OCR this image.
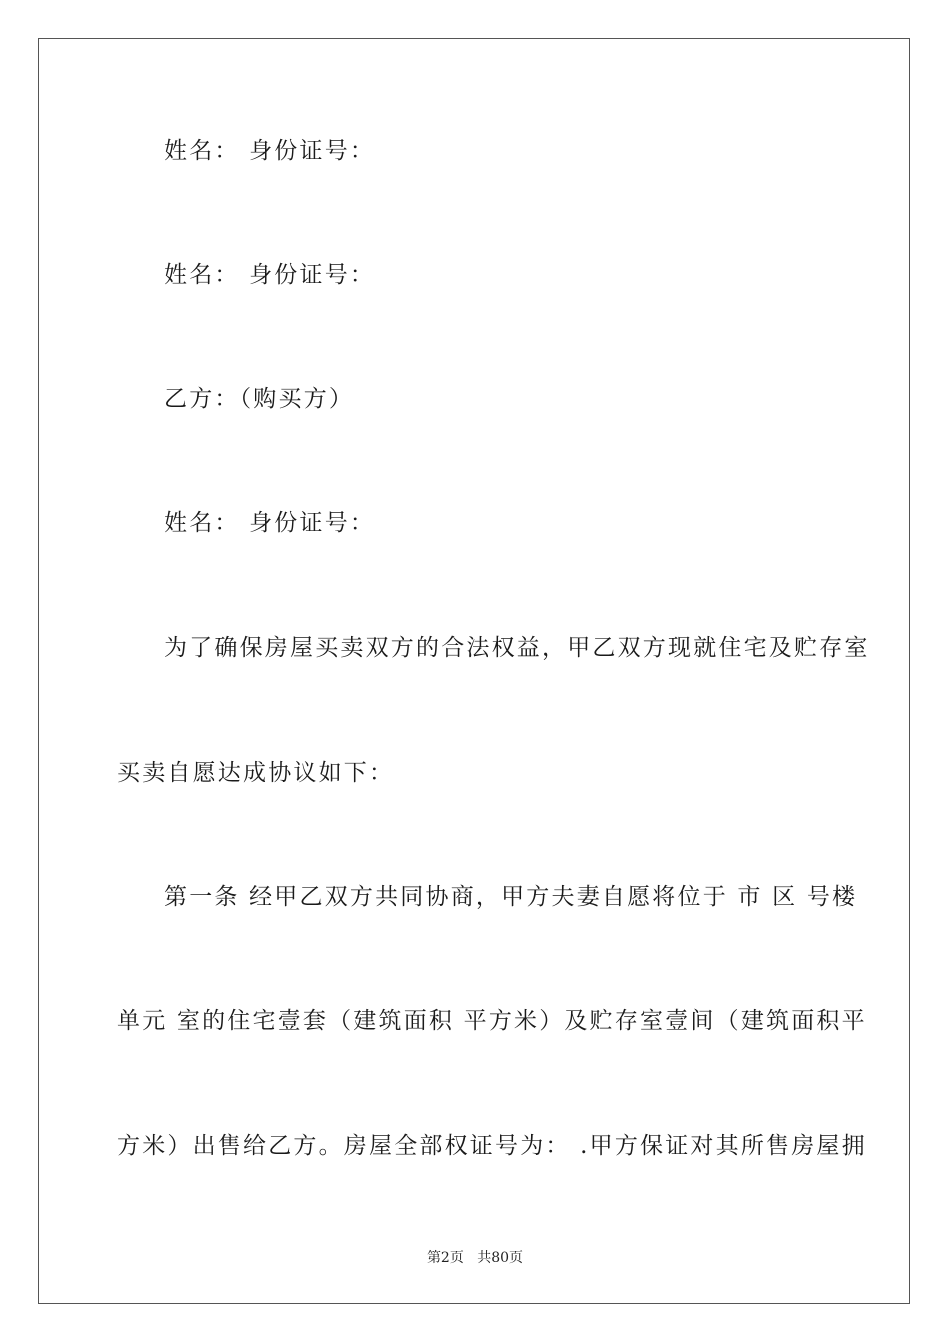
姓名： 身份证号：
姓名： 身份证号：
乙方：（购买方）
姓名： 身份证号：
为了确保房屋买卖双方的合法权益，甲乙双方现就住宅及贮存室
买卖自愿达成协议如下：
第一条 经甲乙双方共同协商，甲方夫妻自愿将位于 市 区 号楼
单元 室的住宅壹套（建筑面积 平方米）及贮存室壹间（建筑面积平
方米）出售给乙方。房屋全部权证号为： .甲方保证对其所售房屋拥
第2页 共80页
